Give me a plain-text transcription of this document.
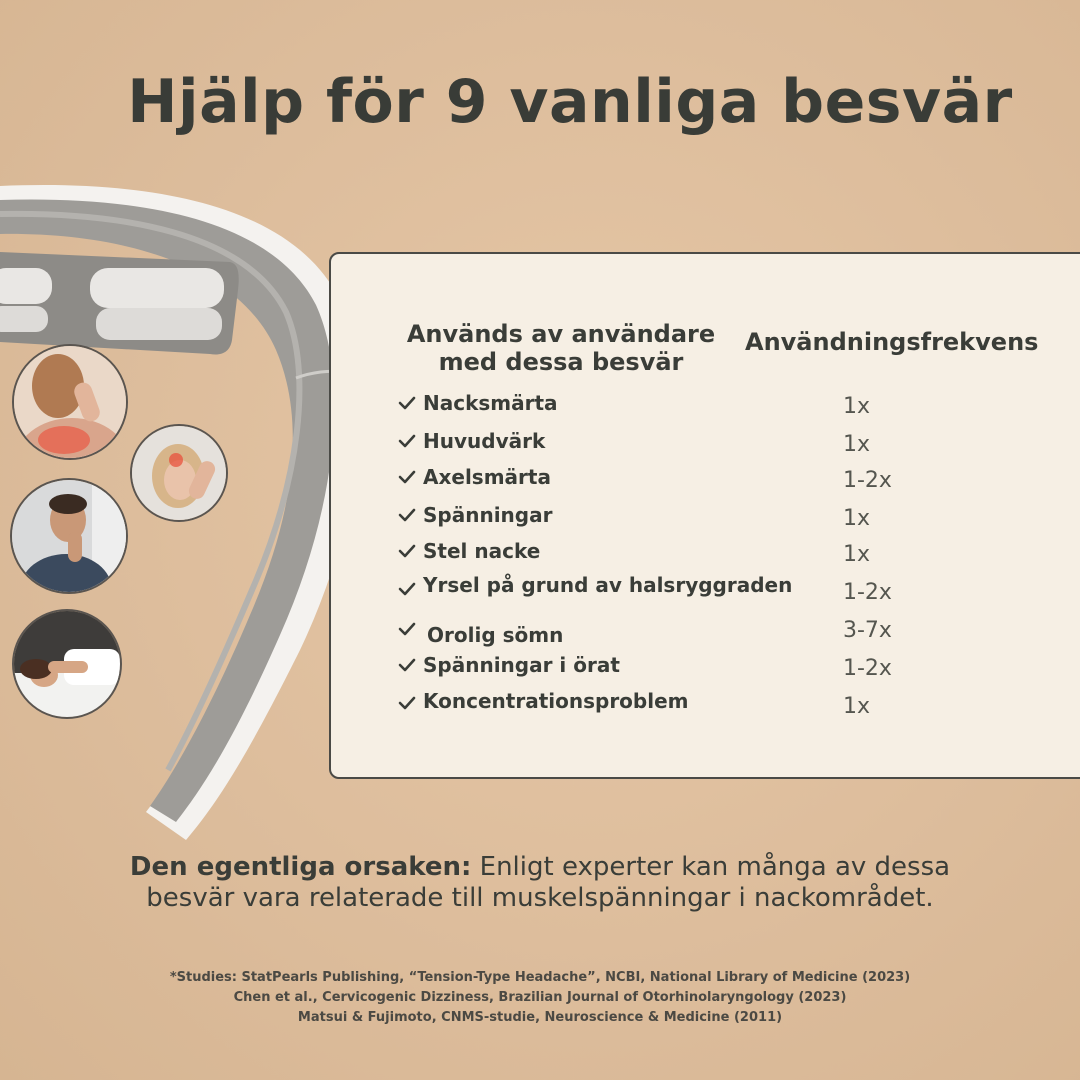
Hjälp för 9 vanliga besvär
Används av användare med dessa besvär
Användningsfrekvens
Nacksmärta	1x
Huvudvärk	1x
Axelsmärta	1-2x
Spänningar	1x
Stel nacke	1x
Yrsel på grund av halsryggraden 1-2x
Orolig sömn	3-7x
Spänningar i örat	1-2x
Koncentrationsproblem	1x
Den egentliga orsaken: Enligt experter kan många av dessa besvär vara relaterade till muskelspänningar i nackområdet.
*Studies: StatPearls Publishing, “Tension-Type Headache”, NCBI, National Library of Medicine (2023)
Chen et al., Cervicogenic Dizziness, Brazilian Journal of Otorhinolaryngology (2023)
Matsui & Fujimoto, CNMS-studie, Neuroscience & Medicine (2011)
